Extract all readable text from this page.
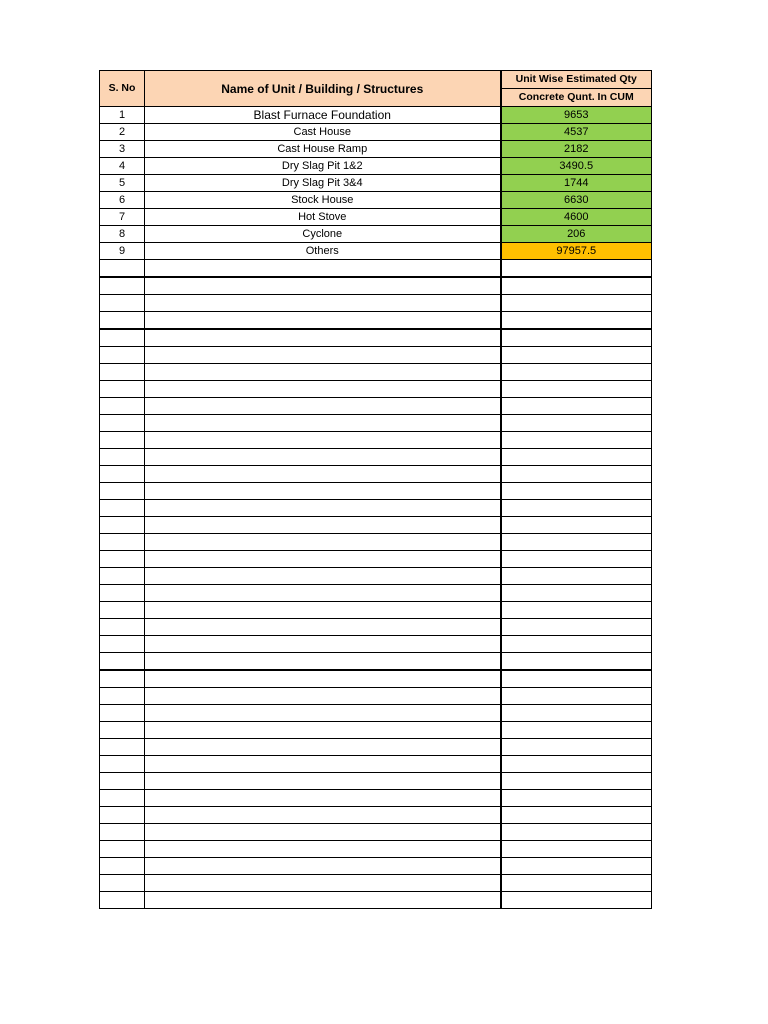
S. No	Name of Unit / Building / Structures	Unit Wise Estimated Qty
		Concrete Qunt. In CUM
1	Blast Furnace Foundation	9653
2	Cast House	4537
3	Cast House Ramp	2182
4	Dry Slag Pit 1&2	3490.5
5	Dry Slag Pit 3&4	1744
6	Stock House	6630
7	Hot Stove	4600
8	Cyclone	206
9	Others	97957.5
